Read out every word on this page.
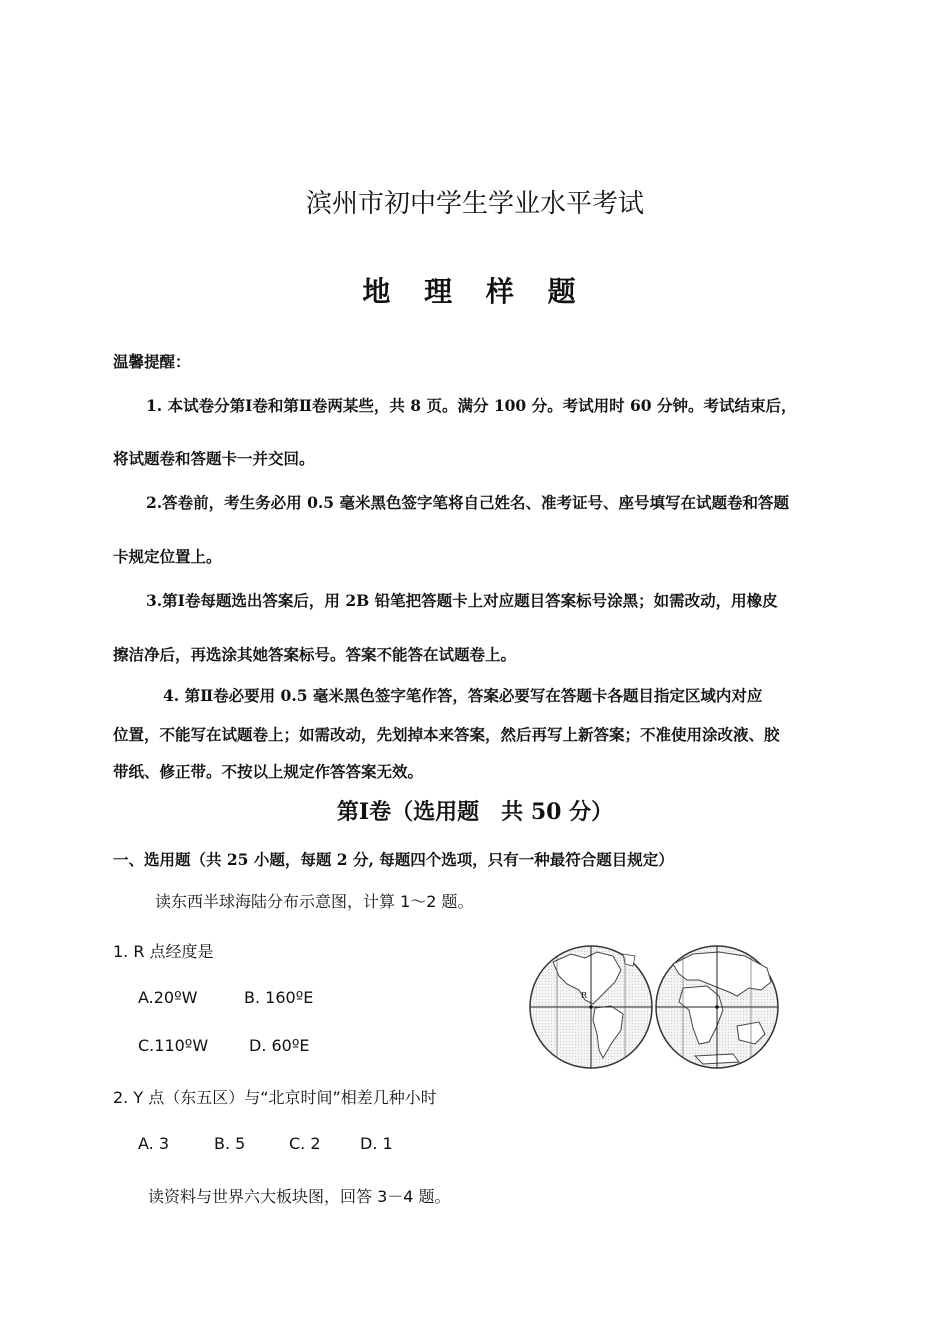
滨州市初中学生学业水平考试
地 理 样 题
温馨提醒：
1. 本试卷分第Ⅰ卷和第Ⅱ卷两某些，共 8 页。满分 100 分。考试用时 60 分钟。考试结束后，
将试题卷和答题卡一并交回。
2.答卷前，考生务必用 0.5 毫米黑色签字笔将自己姓名、准考证号、座号填写在试题卷和答题
卡规定位置上。
3.第Ⅰ卷每题选出答案后，用 2B 铅笔把答题卡上对应题目答案标号涂黑；如需改动，用橡皮
擦洁净后，再选涂其她答案标号。答案不能答在试题卷上。
4. 第Ⅱ卷必要用 0.5 毫米黑色签字笔作答，答案必要写在答题卡各题目指定区域内对应
位置，不能写在试题卷上；如需改动，先划掉本来答案，然后再写上新答案；不准使用涂改液、胶
带纸、修正带。不按以上规定作答答案无效。
第Ⅰ卷（选用题　共 50 分）
一、选用题（共 25 小题，每题 2 分, 每题四个选项，只有一种最符合题目规定）
读东西半球海陆分布示意图，计算 1～2 题。
1. R 点经度是
A.20ºW	B. 160ºE
C.110ºW	D. 60ºE
2. Y 点（东五区）与“北京时间”相差几种小时
A. 3	B. 5	C. 2 D. 1
读资料与世界六大板块图，回答 3－4 题。
R
